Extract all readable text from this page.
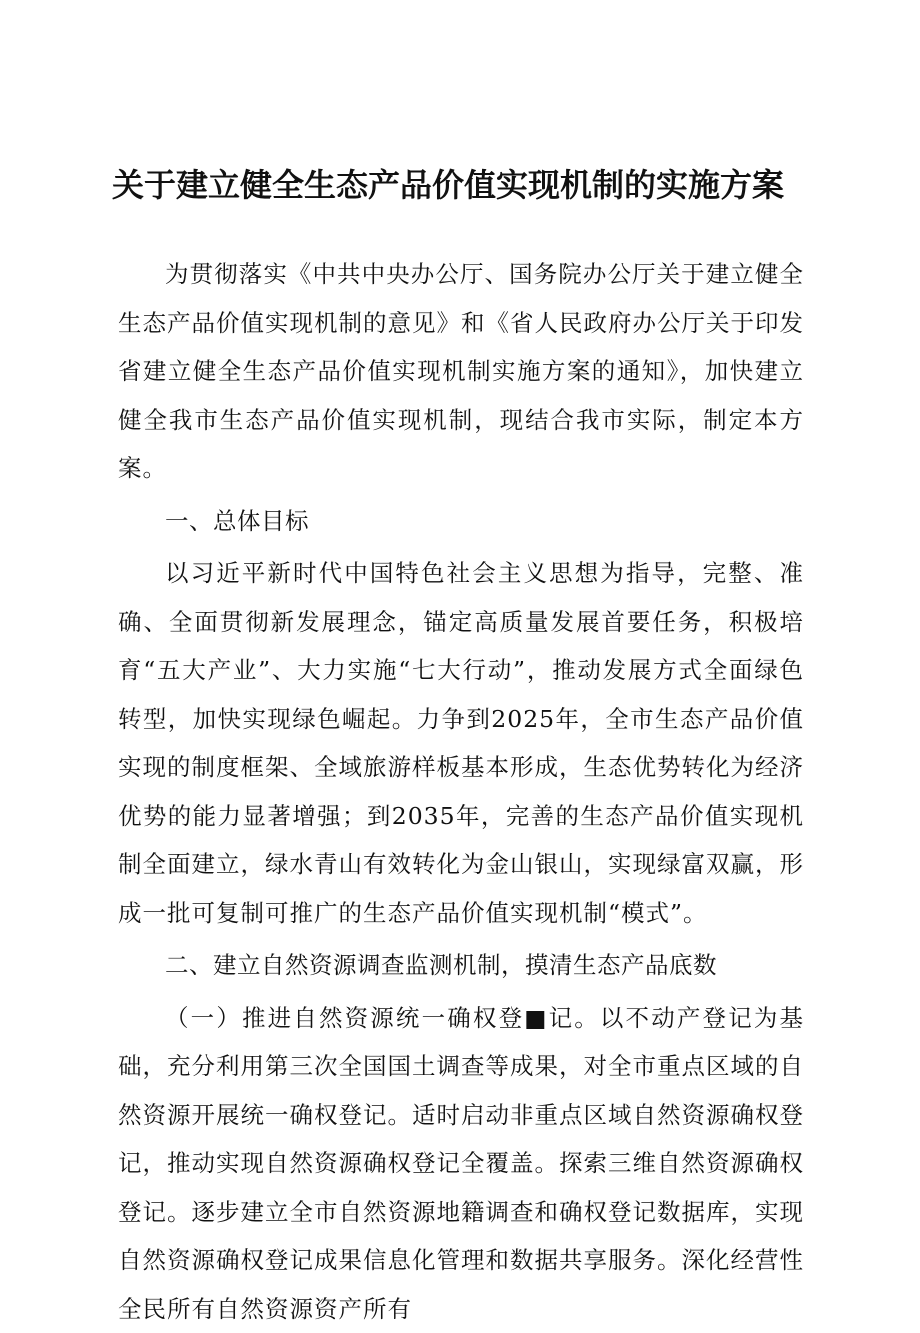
关于建立健全生态产品价值实现机制的实施方案

为贯彻落实《中共中央办公厅、国务院办公厅关于建立健全生态产品价值实现机制的意见》和《省人民政府办公厅关于印发省建立健全生态产品价值实现机制实施方案的通知》，加快建立健全我市生态产品价值实现机制，现结合我市实际，制定本方案。

一、总体目标

以习近平新时代中国特色社会主义思想为指导，完整、准确、全面贯彻新发展理念，锚定高质量发展首要任务，积极培育“五大产业”、大力实施“七大行动”，推动发展方式全面绿色转型，加快实现绿色崛起。力争到2025年，全市生态产品价值实现的制度框架、全域旅游样板基本形成，生态优势转化为经济优势的能力显著增强；到2035年，完善的生态产品价值实现机制全面建立，绿水青山有效转化为金山银山，实现绿富双赢，形成一批可复制可推广的生态产品价值实现机制“模式”。

二、建立自然资源调查监测机制，摸清生态产品底数

（一）推进自然资源统一确权登■记。以不动产登记为基础，充分利用第三次全国国土调查等成果，对全市重点区域的自然资源开展统一确权登记。适时启动非重点区域自然资源确权登记，推动实现自然资源确权登记全覆盖。探索三维自然资源确权登记。逐步建立全市自然资源地籍调查和确权登记数据库，实现自然资源确权登记成果信息化管理和数据共享服务。深化经营性全民所有自然资源资产所有
